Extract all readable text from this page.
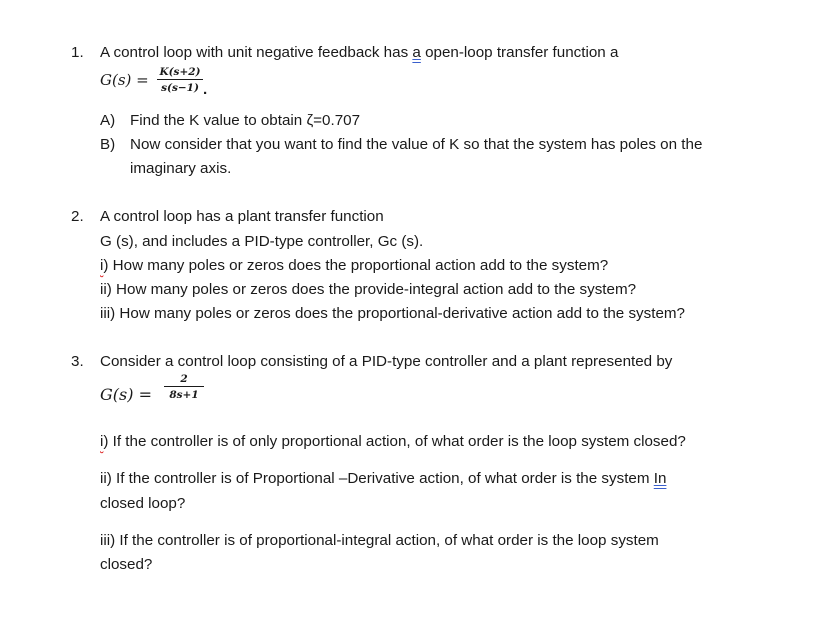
1. A control loop with unit negative feedback has a open-loop transfer function a
G(s) = K(s+2)
s(s−1) .
A) Find the K value to obtain ζ=0.707
B) Now consider that you want to find the value of K so that the system has poles on the
imaginary axis.
2. A control loop has a plant transfer function
G (s), and includes a PID-type controller, Gc (s).
i) How many poles or zeros does the proportional action add to the system?
ii) How many poles or zeros does the provide-integral action add to the system?
iii) How many poles or zeros does the proportional-derivative action add to the system?
3. Consider a control loop consisting of a PID-type controller and a plant represented by
G(s) =
2
8s+1
i) If the controller is of only proportional action, of what order is the loop system closed?
ii) If the controller is of Proportional –Derivative action, of what order is the system In
closed loop?
iii) If the controller is of proportional-integral action, of what order is the loop system
closed?
